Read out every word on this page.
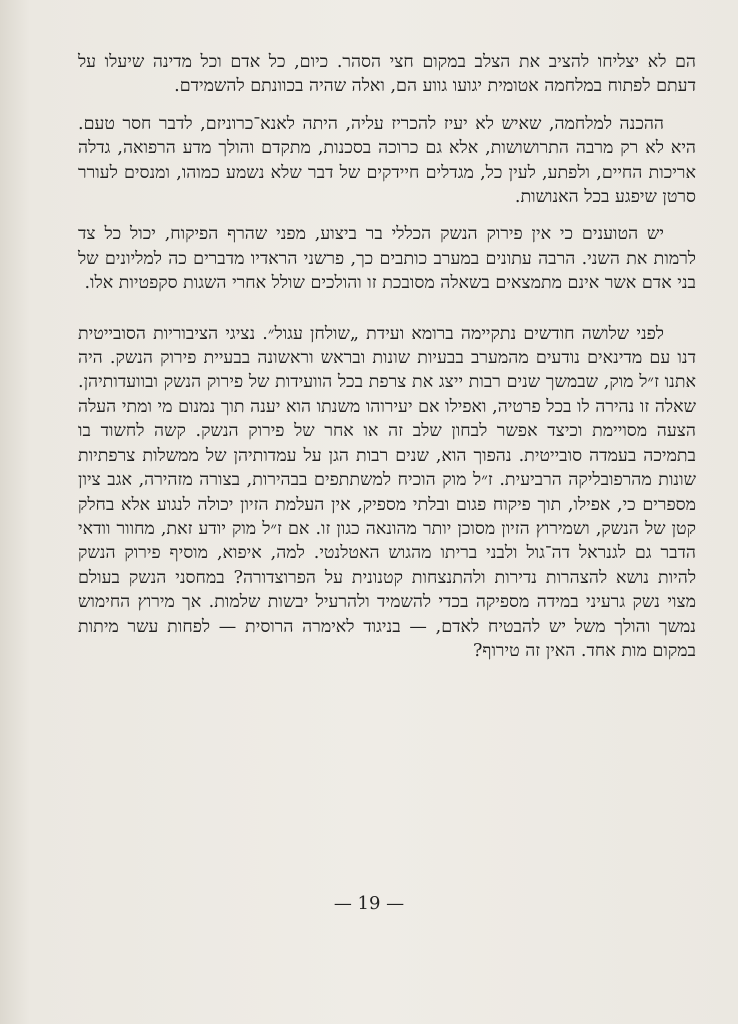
הם לא יצליחו להציב את הצלב במקום חצי הסהר. כיום, כל אדם וכל מדינה שיעלו על דעתם לפתוח במלחמה אטומית יגועו גווע הם, ואלה שהיה בכוונתם להשמידם.

ההכנה למלחמה, שאיש לא יעיז להכריז עליה, היתה לאנא־כרוניזם, לדבר חסר טעם. היא לא רק מרבה התרושושות, אלא גם כרוכה בסכנות, מתקדם והולך מדע הרפואה, גדלה אריכות החיים, ולפתע, לעין כל, מגדלים חיידקים של דבר שלא נשמע כמוהו, ומנסים לעורר סרטן שיפגע בכל האנושות.

יש הטוענים כי אין פירוק הנשק הכללי בר ביצוע, מפני שהרף הפיקוח, יכול כל צד לרמות את השני. הרבה עתונים במערב כותבים כך, פרשני הראדיו מדברים כה למליונים של בני אדם אשר אינם מתמצאים בשאלה מסובכת זו והולכים שולל אחרי השגות סקפטיות אלו.

לפני שלושה חודשים נתקיימה ברומא ועידת „שולחן עגול״. נציגי הציבוריות הסובייטית דנו עם מדינאים נודעים מהמערב בבעיות שונות ובראש וראשונה בבעיית פירוק הנשק. היה אתנו ז״ל מוק, שבמשך שנים רבות ייצג את צרפת בכל הוועידות של פירוק הנשק ובוועדותיהן. שאלה זו נהירה לו בכל פרטיה, ואפילו אם יעירוהו משנתו הוא יענה תוך נמנום מי ומתי העלה הצעה מסויימת וכיצד אפשר לבחון שלב זה או אחר של פירוק הנשק. קשה לחשוד בו בתמיכה בעמדה סובייטית. נהפוך הוא, שנים רבות הגן על עמדותיהן של ממשלות צרפתיות שונות מהרפובליקה הרביעית. ז״ל מוק הוכיח למשתתפים בבהירות, בצורה מזהירה, אגב ציון מספרים כי, אפילו, תוך פיקוח פגום ובלתי מספיק, אין העלמת הזיון יכולה לנגוע אלא בחלק קטן של הנשק, ושמירוץ הזיון מסוכן יותר מהונאה כגון זו. אם ז״ל מוק יודע זאת, מחוור וודאי הדבר גם לגנראל דה־גול ולבני בריתו מהגוש האטלנטי. למה, איפוא, מוסיף פירוק הנשק להיות נושא להצהרות נדירות ולהתנצחות קטנונית על הפרוצדורה? במחסני הנשק בעולם מצוי נשק גרעיני במידה מספיקה בכדי להשמיד ולהרעיל יבשות שלמות. אך מירוץ החימוש נמשך והולך משל יש להבטיח לאדם, — בניגוד לאימרה הרוסית — לפחות עשר מיתות במקום מות אחד. האין זה טירוף?

— 19 —
